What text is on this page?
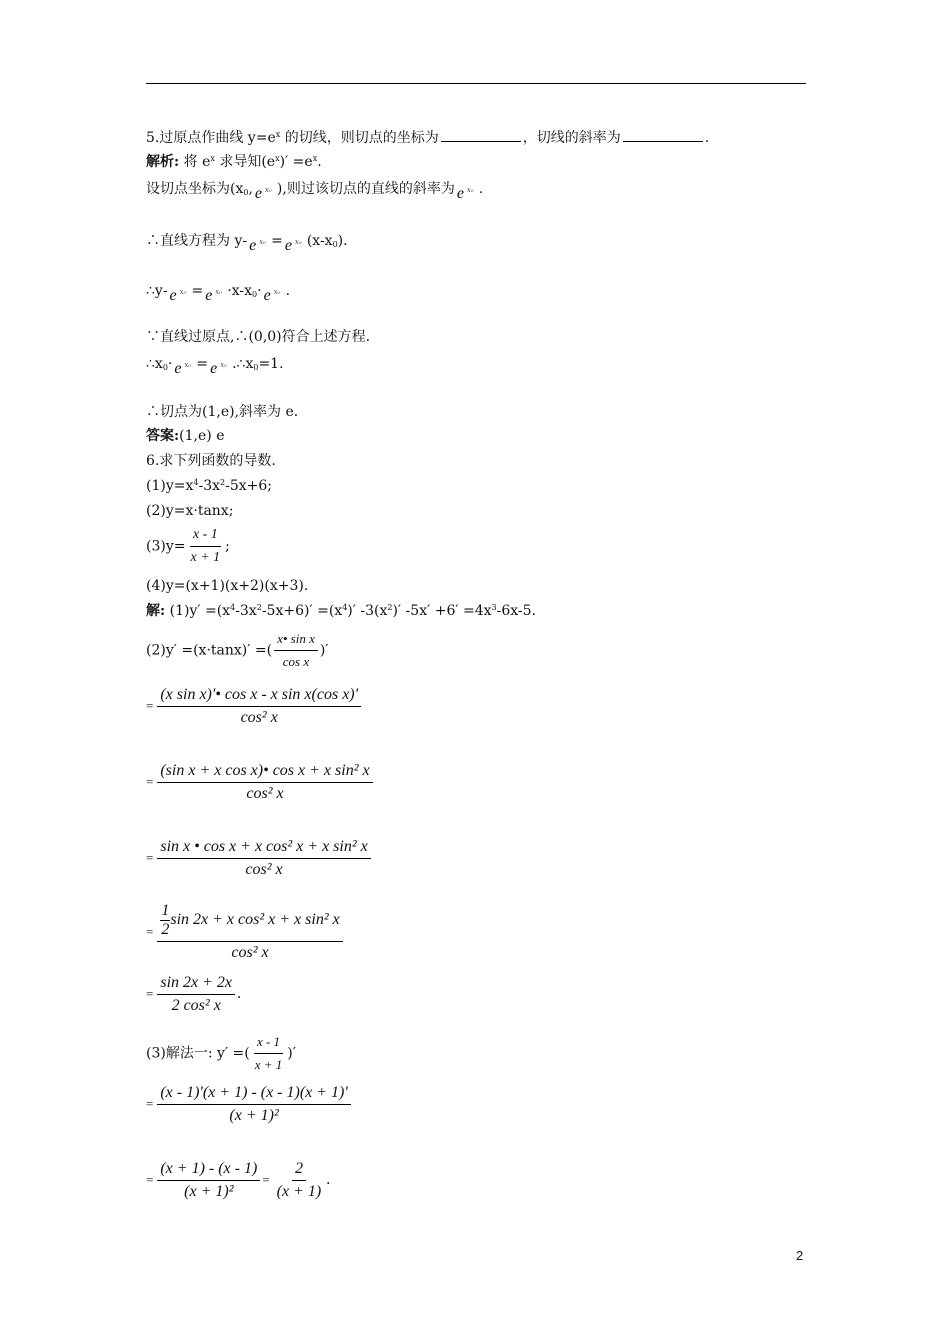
5.过原点作曲线 $y=e^x$ 的切线，则切点的坐标为	，切线的斜率为	.
解析: 将 $e^x$ 求导知$(e^x)' =e^x$.
设切点坐标为($x_0$, e x₀ ),则过该切点的直线的斜率为 e x₀ .
∴直线方程为 y- e x₀ = e x₀ $(x-x_0)$.
∴y- e x₀ = e $x_0 \cdot x-x_0\cdot e$ x₀ .
∵直线过原点,∴(0,0)符合上述方程.
$\therefore x_0\cdot e$ x₀ = e x₀ $.\therefore x_0=1$.
∴切点为(1,e),斜率为 e.
答案:(1,e) e
6.求下列函数的导数.
$(1)y=x^4-3x^2-5x+6$;
(2)y=x·tanx;
$(3)y= \frac{x - 1}{x + 1}$ ;
(4)y=(x+1)(x+2)(x+3).
解: $(1)y' =(x^4-3x^2-5x+6)' =(x^4)'$ $-3(x^2)'$ $-5x' +6' =4x^3-6x-5$.
(2)y′ =(x·tanx)′ =( $\frac{\text{x• sin x}}{\text{cos x}}$ )′
= $\frac{\text{(x sin x)'• cos x - x sin x(cos x)'}}{\text{cos² x}}$
= $\frac{\text{(sin x + x cos x)• cos x + x sin² x}}{\text{cos² x}}$
= $\frac{\text{sin x • cos x + x cos² x + x sin² x}}{\text{cos² x}}$
= $\frac{\frac{1}{2} \sin 2x + x \cos^2 x + x \sin^2 x}{\text{cos² x}}$
= $\frac{\sin 2x + 2x}{\text{2 cos² x}}$ .
(3)解法一: y′ =( $\frac{x - 1}{x + 1}$ )′
= $\frac{(x - 1)'(x + 1) - (x - 1)(x + 1)'}{\text{(x + 1)²}}$
= $\frac{(x + 1) - (x - 1)}{\text{(x + 1)²}} = \frac{2}{(x + 1)}$ .
2
